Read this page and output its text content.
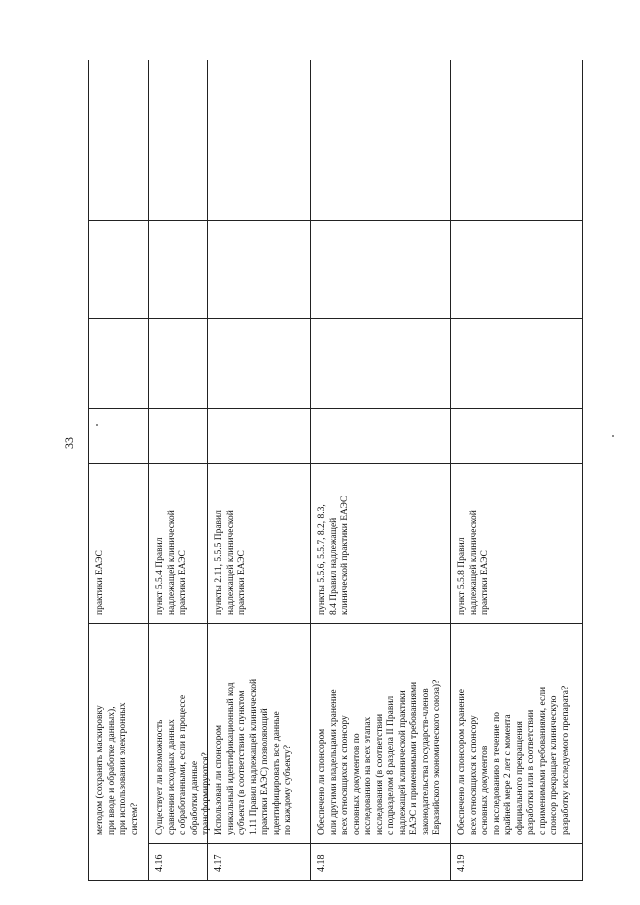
33
методом (сохранять маскировку
при вводе и обработке данных),
при использовании электронных
систем?
практики ЕАЭС
4.16
Существует ли возможность
сравнения исходных данных
с обработанными, если в процессе
обработки данные
трансформируются?
пункт 5.5.4 Правил
надлежащей клинической
практики ЕАЭС
4.17
Использован ли спонсором
уникальный идентификационный код
субъекта (в соответствии с пунктом
1.11 Правил надлежащей клинической
практики ЕАЭС) позволяющий
идентифицировать все данные
по каждому субъекту?
пункты 2.11, 5.5.5 Правил
надлежащей клинической
практики ЕАЭС
4.18
Обеспечено ли спонсором
или другими владельцами хранение
всех относящихся к спонсору
основных документов по
исследованию на всех этапах
исследования (в соответствии
с подразделом 8 раздела II Правил
надлежащей клинической практики
ЕАЭС и применимыми требованиями
законодательства государств-членов
Евразийского экономического союза)?
пункты 5.5.6, 5.5.7, 8.2, 8.3,
8.4 Правил надлежащей
клинической практики ЕАЭС
4.19
Обеспечено ли спонсором хранение
всех относящихся к спонсору
основных документов
по исследованию в течение по
крайней мере 2 лет с момента
официального прекращения
разработки или в соответствии
с применимыми требованиями, если
спонсор прекращает клиническую
разработку исследуемого препарата?
пункт 5.5.8 Правил
надлежащей клинической
практики ЕАЭС
